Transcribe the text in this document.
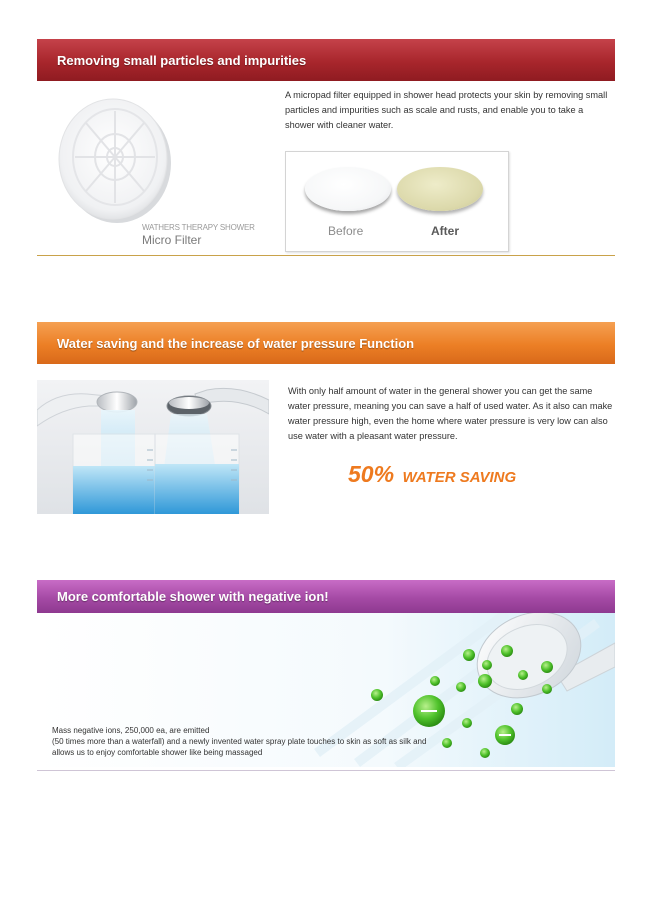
Removing small particles and impurities
WATHERS THERAPY SHOWER
Micro Filter
A micropad filter equipped in shower head protects your skin by removing small particles and impurities such as scale and rusts, and enable you to take a shower with cleaner water.
Before	After
Water saving and the increase of water pressure Function
With only half amount of water in the general shower you can get the same water pressure, meaning you can save a half of used water. As it also can make water pressure high, even the home where water pressure is very low can also use water with a pleasant water pressure.
50% WATER SAVING
More comfortable shower with negative ion!
Mass negative ions, 250,000 ea, are emitted
(50 times more than a waterfall) and a newly invented water spray plate touches to skin as soft as silk and allows us to enjoy comfortable shower like being massaged
